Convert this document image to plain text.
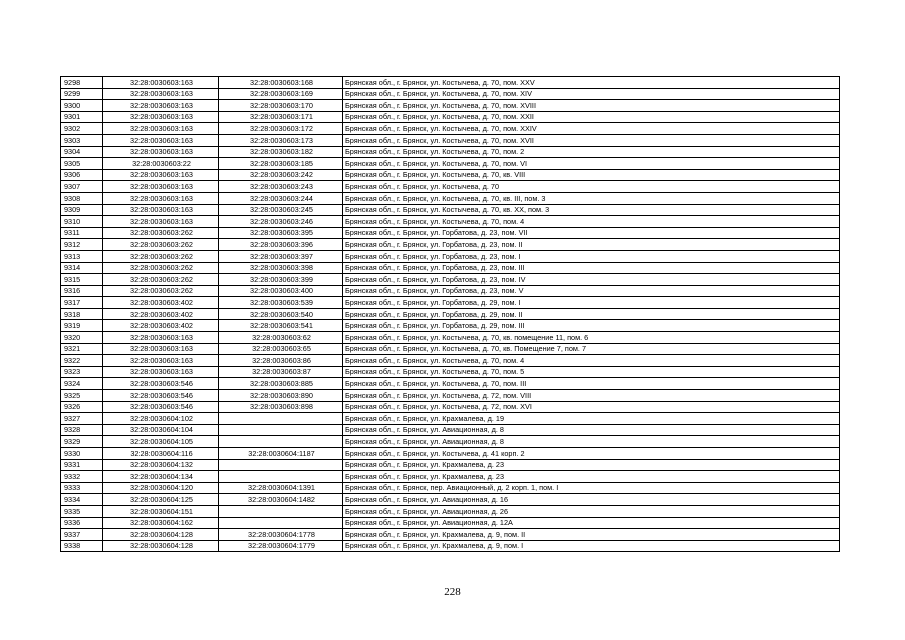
9298	32:28:0030603:163	32:28:0030603:168	Брянская обл., г. Брянск, ул. Костычева, д. 70, пом. XXV
9299	32:28:0030603:163	32:28:0030603:169	Брянская обл., г. Брянск, ул. Костычева, д. 70, пом. XIV
9300	32:28:0030603:163	32:28:0030603:170	Брянская обл., г. Брянск, ул. Костычева, д. 70, пом. XVIII
9301	32:28:0030603:163	32:28:0030603:171	Брянская обл., г. Брянск, ул. Костычева, д. 70, пом. XXII
9302	32:28:0030603:163	32:28:0030603:172	Брянская обл., г. Брянск, ул. Костычева, д. 70, пом. XXIV
9303	32:28:0030603:163	32:28:0030603:173	Брянская обл., г. Брянск, ул. Костычева, д. 70, пом. XVII
9304	32:28:0030603:163	32:28:0030603:182	Брянская обл., г. Брянск, ул. Костычева, д. 70, пом. 2
9305	32:28:0030603:22	32:28:0030603:185	Брянская обл., г. Брянск, ул. Костычева, д. 70, пом. VI
9306	32:28:0030603:163	32:28:0030603:242	Брянская обл., г. Брянск, ул. Костычева, д. 70, кв. VIII
9307	32:28:0030603:163	32:28:0030603:243	Брянская обл., г. Брянск, ул. Костычева, д. 70
9308	32:28:0030603:163	32:28:0030603:244	Брянская обл., г. Брянск, ул. Костычева, д. 70, кв. III, пом. 3
9309	32:28:0030603:163	32:28:0030603:245	Брянская обл., г. Брянск, ул. Костычева, д. 70, кв. XX, пом. 3
9310	32:28:0030603:163	32:28:0030603:246	Брянская обл., г. Брянск, ул. Костычева, д. 70, пом. 4
9311	32:28:0030603:262	32:28:0030603:395	Брянская обл., г. Брянск, ул. Горбатова, д. 23, пом. VII
9312	32:28:0030603:262	32:28:0030603:396	Брянская обл., г. Брянск, ул. Горбатова, д. 23, пом. II
9313	32:28:0030603:262	32:28:0030603:397	Брянская обл., г. Брянск, ул. Горбатова, д. 23, пом. I
9314	32:28:0030603:262	32:28:0030603:398	Брянская обл., г. Брянск, ул. Горбатова, д. 23, пом. III
9315	32:28:0030603:262	32:28:0030603:399	Брянская обл., г. Брянск, ул. Горбатова, д. 23, пом. IV
9316	32:28:0030603:262	32:28:0030603:400	Брянская обл., г. Брянск, ул. Горбатова, д. 23, пом. V
9317	32:28:0030603:402	32:28:0030603:539	Брянская обл., г. Брянск, ул. Горбатова, д. 29, пом. I
9318	32:28:0030603:402	32:28:0030603:540	Брянская обл., г. Брянск, ул. Горбатова, д. 29, пом. II
9319	32:28:0030603:402	32:28:0030603:541	Брянская обл., г. Брянск, ул. Горбатова, д. 29, пом. III
9320	32:28:0030603:163	32:28:0030603:62	Брянская обл., г. Брянск, ул. Костычева, д. 70, кв. помещение 11, пом. 6
9321	32:28:0030603:163	32:28:0030603:65	Брянская обл., г. Брянск, ул. Костычева, д. 70, кв. Помещение 7, пом. 7
9322	32:28:0030603:163	32:28:0030603:86	Брянская обл., г. Брянск, ул. Костычева, д. 70, пом. 4
9323	32:28:0030603:163	32:28:0030603:87	Брянская обл., г. Брянск, ул. Костычева, д. 70, пом. 5
9324	32:28:0030603:546	32:28:0030603:885	Брянская обл., г. Брянск, ул. Костычева, д. 70, пом. III
9325	32:28:0030603:546	32:28:0030603:890	Брянская обл., г. Брянск, ул. Костычева, д. 72, пом. VIII
9326	32:28:0030603:546	32:28:0030603:898	Брянская обл., г. Брянск, ул. Костычева, д. 72, пом. XVI
9327	32:28:0030604:102		Брянская обл., г. Брянск, ул. Крахмалева, д. 19
9328	32:28:0030604:104		Брянская обл., г. Брянск, ул. Авиационная, д. 8
9329	32:28:0030604:105		Брянская обл., г. Брянск, ул. Авиационная, д. 8
9330	32:28:0030604:116	32:28:0030604:1187	Брянская обл., г. Брянск, ул. Костычева, д. 41 корп. 2
9331	32:28:0030604:132		Брянская обл., г. Брянск, ул. Крахмалева, д. 23
9332	32:28:0030604:134		Брянская обл., г. Брянск, ул. Крахмалева, д. 23
9333	32:28:0030604:120	32:28:0030604:1391	Брянская обл., г. Брянск, пер. Авиационный, д. 2 корп. 1, пом. I
9334	32:28:0030604:125	32:28:0030604:1482	Брянская обл., г. Брянск, ул. Авиационная, д. 16
9335	32:28:0030604:151		Брянская обл., г. Брянск, ул. Авиационная, д. 26
9336	32:28:0030604:162		Брянская обл., г. Брянск, ул. Авиационная, д. 12А
9337	32:28:0030604:128	32:28:0030604:1778	Брянская обл., г. Брянск, ул. Крахмалева, д. 9, пом. II
9338	32:28:0030604:128	32:28:0030604:1779	Брянская обл., г. Брянск, ул. Крахмалева, д. 9, пом. I
228
